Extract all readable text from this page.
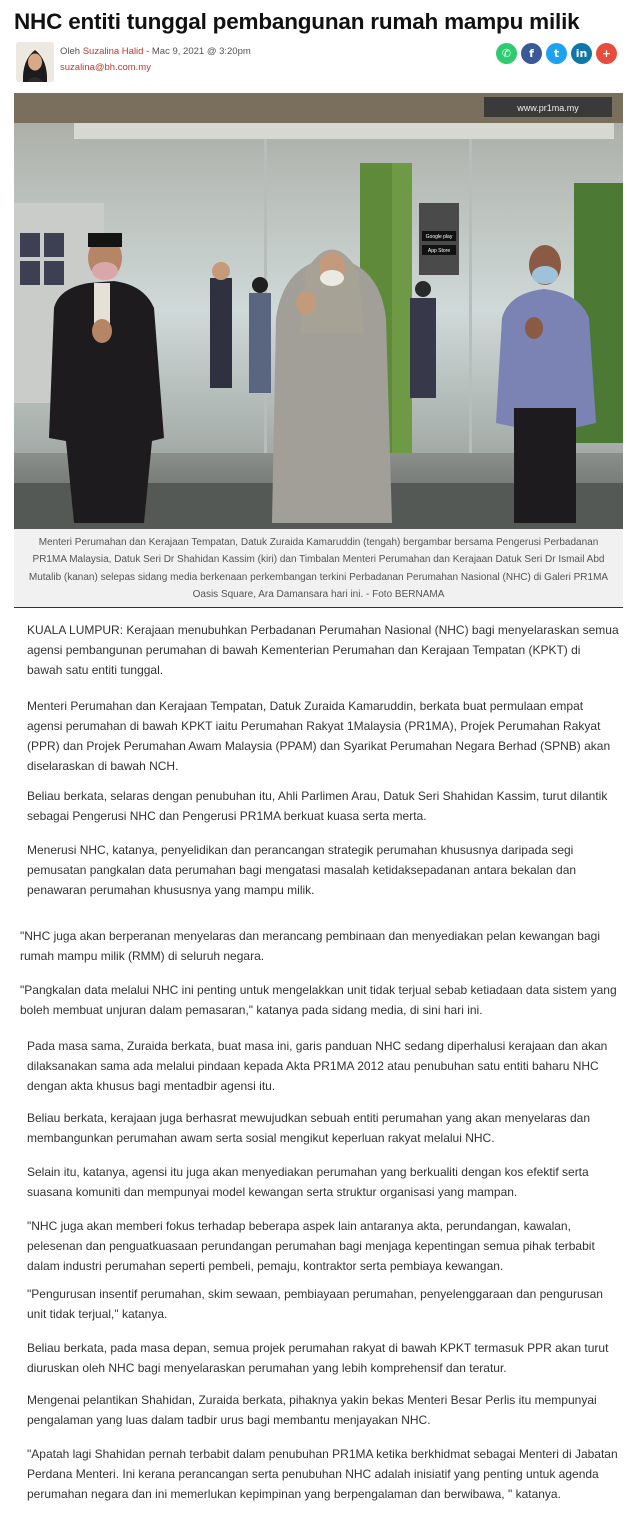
NHC entiti tunggal pembangunan rumah mampu milik
Oleh Suzalina Halid - Mac 9, 2021 @ 3:20pm
suzalina@bh.com.my
✆	f	t	in	+
www.pr1ma.my
Google play
App Store
Menteri Perumahan dan Kerajaan Tempatan, Datuk Zuraida Kamaruddin (tengah) bergambar bersama Pengerusi Perbadanan PR1MA Malaysia, Datuk Seri Dr Shahidan Kassim (kiri) dan Timbalan Menteri Perumahan dan Kerajaan Datuk Seri Dr Ismail Abd Mutalib (kanan) selepas sidang media berkenaan perkembangan terkini Perbadanan Perumahan Nasional (NHC) di Galeri PR1MA Oasis Square, Ara Damansara hari ini. - Foto BERNAMA

KUALA LUMPUR: Kerajaan menubuhkan Perbadanan Perumahan Nasional (NHC) bagi menyelaraskan semua agensi pembangunan perumahan di bawah Kementerian Perumahan dan Kerajaan Tempatan (KPKT) di bawah satu entiti tunggal.

Menteri Perumahan dan Kerajaan Tempatan, Datuk Zuraida Kamaruddin, berkata buat permulaan empat agensi perumahan di bawah KPKT iaitu Perumahan Rakyat 1Malaysia (PR1MA), Projek Perumahan Rakyat (PPR) dan Projek Perumahan Awam Malaysia (PPAM) dan Syarikat Perumahan Negara Berhad (SPNB) akan diselaraskan di bawah NCH.

Beliau berkata, selaras dengan penubuhan itu, Ahli Parlimen Arau, Datuk Seri Shahidan Kassim, turut dilantik sebagai Pengerusi NHC dan Pengerusi PR1MA berkuat kuasa serta merta.

Menerusi NHC, katanya, penyelidikan dan perancangan strategik perumahan khususnya daripada segi pemusatan pangkalan data perumahan bagi mengatasi masalah ketidaksepadanan antara bekalan dan penawaran perumahan khususnya yang mampu milik.

"NHC juga akan berperanan menyelaras dan merancang pembinaan dan menyediakan pelan kewangan bagi rumah mampu milik (RMM) di seluruh negara.

"Pangkalan data melalui NHC ini penting untuk mengelakkan unit tidak terjual sebab ketiadaan data sistem yang boleh membuat unjuran dalam pemasaran," katanya pada sidang media, di sini hari ini.

Pada masa sama, Zuraida berkata, buat masa ini, garis panduan NHC sedang diperhalusi kerajaan dan akan dilaksanakan sama ada melalui pindaan kepada Akta PR1MA 2012 atau penubuhan satu entiti baharu NHC dengan akta khusus bagi mentadbir agensi itu.

Beliau berkata, kerajaan juga berhasrat mewujudkan sebuah entiti perumahan yang akan menyelaras dan membangunkan perumahan awam serta sosial mengikut keperluan rakyat melalui NHC.

Selain itu, katanya, agensi itu juga akan menyediakan perumahan yang berkualiti dengan kos efektif serta suasana komuniti dan mempunyai model kewangan serta struktur organisasi yang mampan.

"NHC juga akan memberi fokus terhadap beberapa aspek lain antaranya akta, perundangan, kawalan, pelesenan dan penguatkuasaan perundangan perumahan bagi menjaga kepentingan semua pihak terbabit dalam industri perumahan seperti pembeli, pemaju, kontraktor serta pembiaya kewangan.

"Pengurusan insentif perumahan, skim sewaan, pembiayaan perumahan, penyelenggaraan dan pengurusan unit tidak terjual," katanya.

Beliau berkata, pada masa depan, semua projek perumahan rakyat di bawah KPKT termasuk PPR akan turut diuruskan oleh NHC bagi menyelaraskan perumahan yang lebih komprehensif dan teratur.

Mengenai pelantikan Shahidan, Zuraida berkata, pihaknya yakin bekas Menteri Besar Perlis itu mempunyai pengalaman yang luas dalam tadbir urus bagi membantu menjayakan NHC.

"Apatah lagi Shahidan pernah terbabit dalam penubuhan PR1MA ketika berkhidmat sebagai Menteri di Jabatan Perdana Menteri. Ini kerana perancangan serta penubuhan NHC adalah inisiatif yang penting untuk agenda perumahan negara dan ini memerlukan kepimpinan yang berpengalaman dan berwibawa, " katanya.
